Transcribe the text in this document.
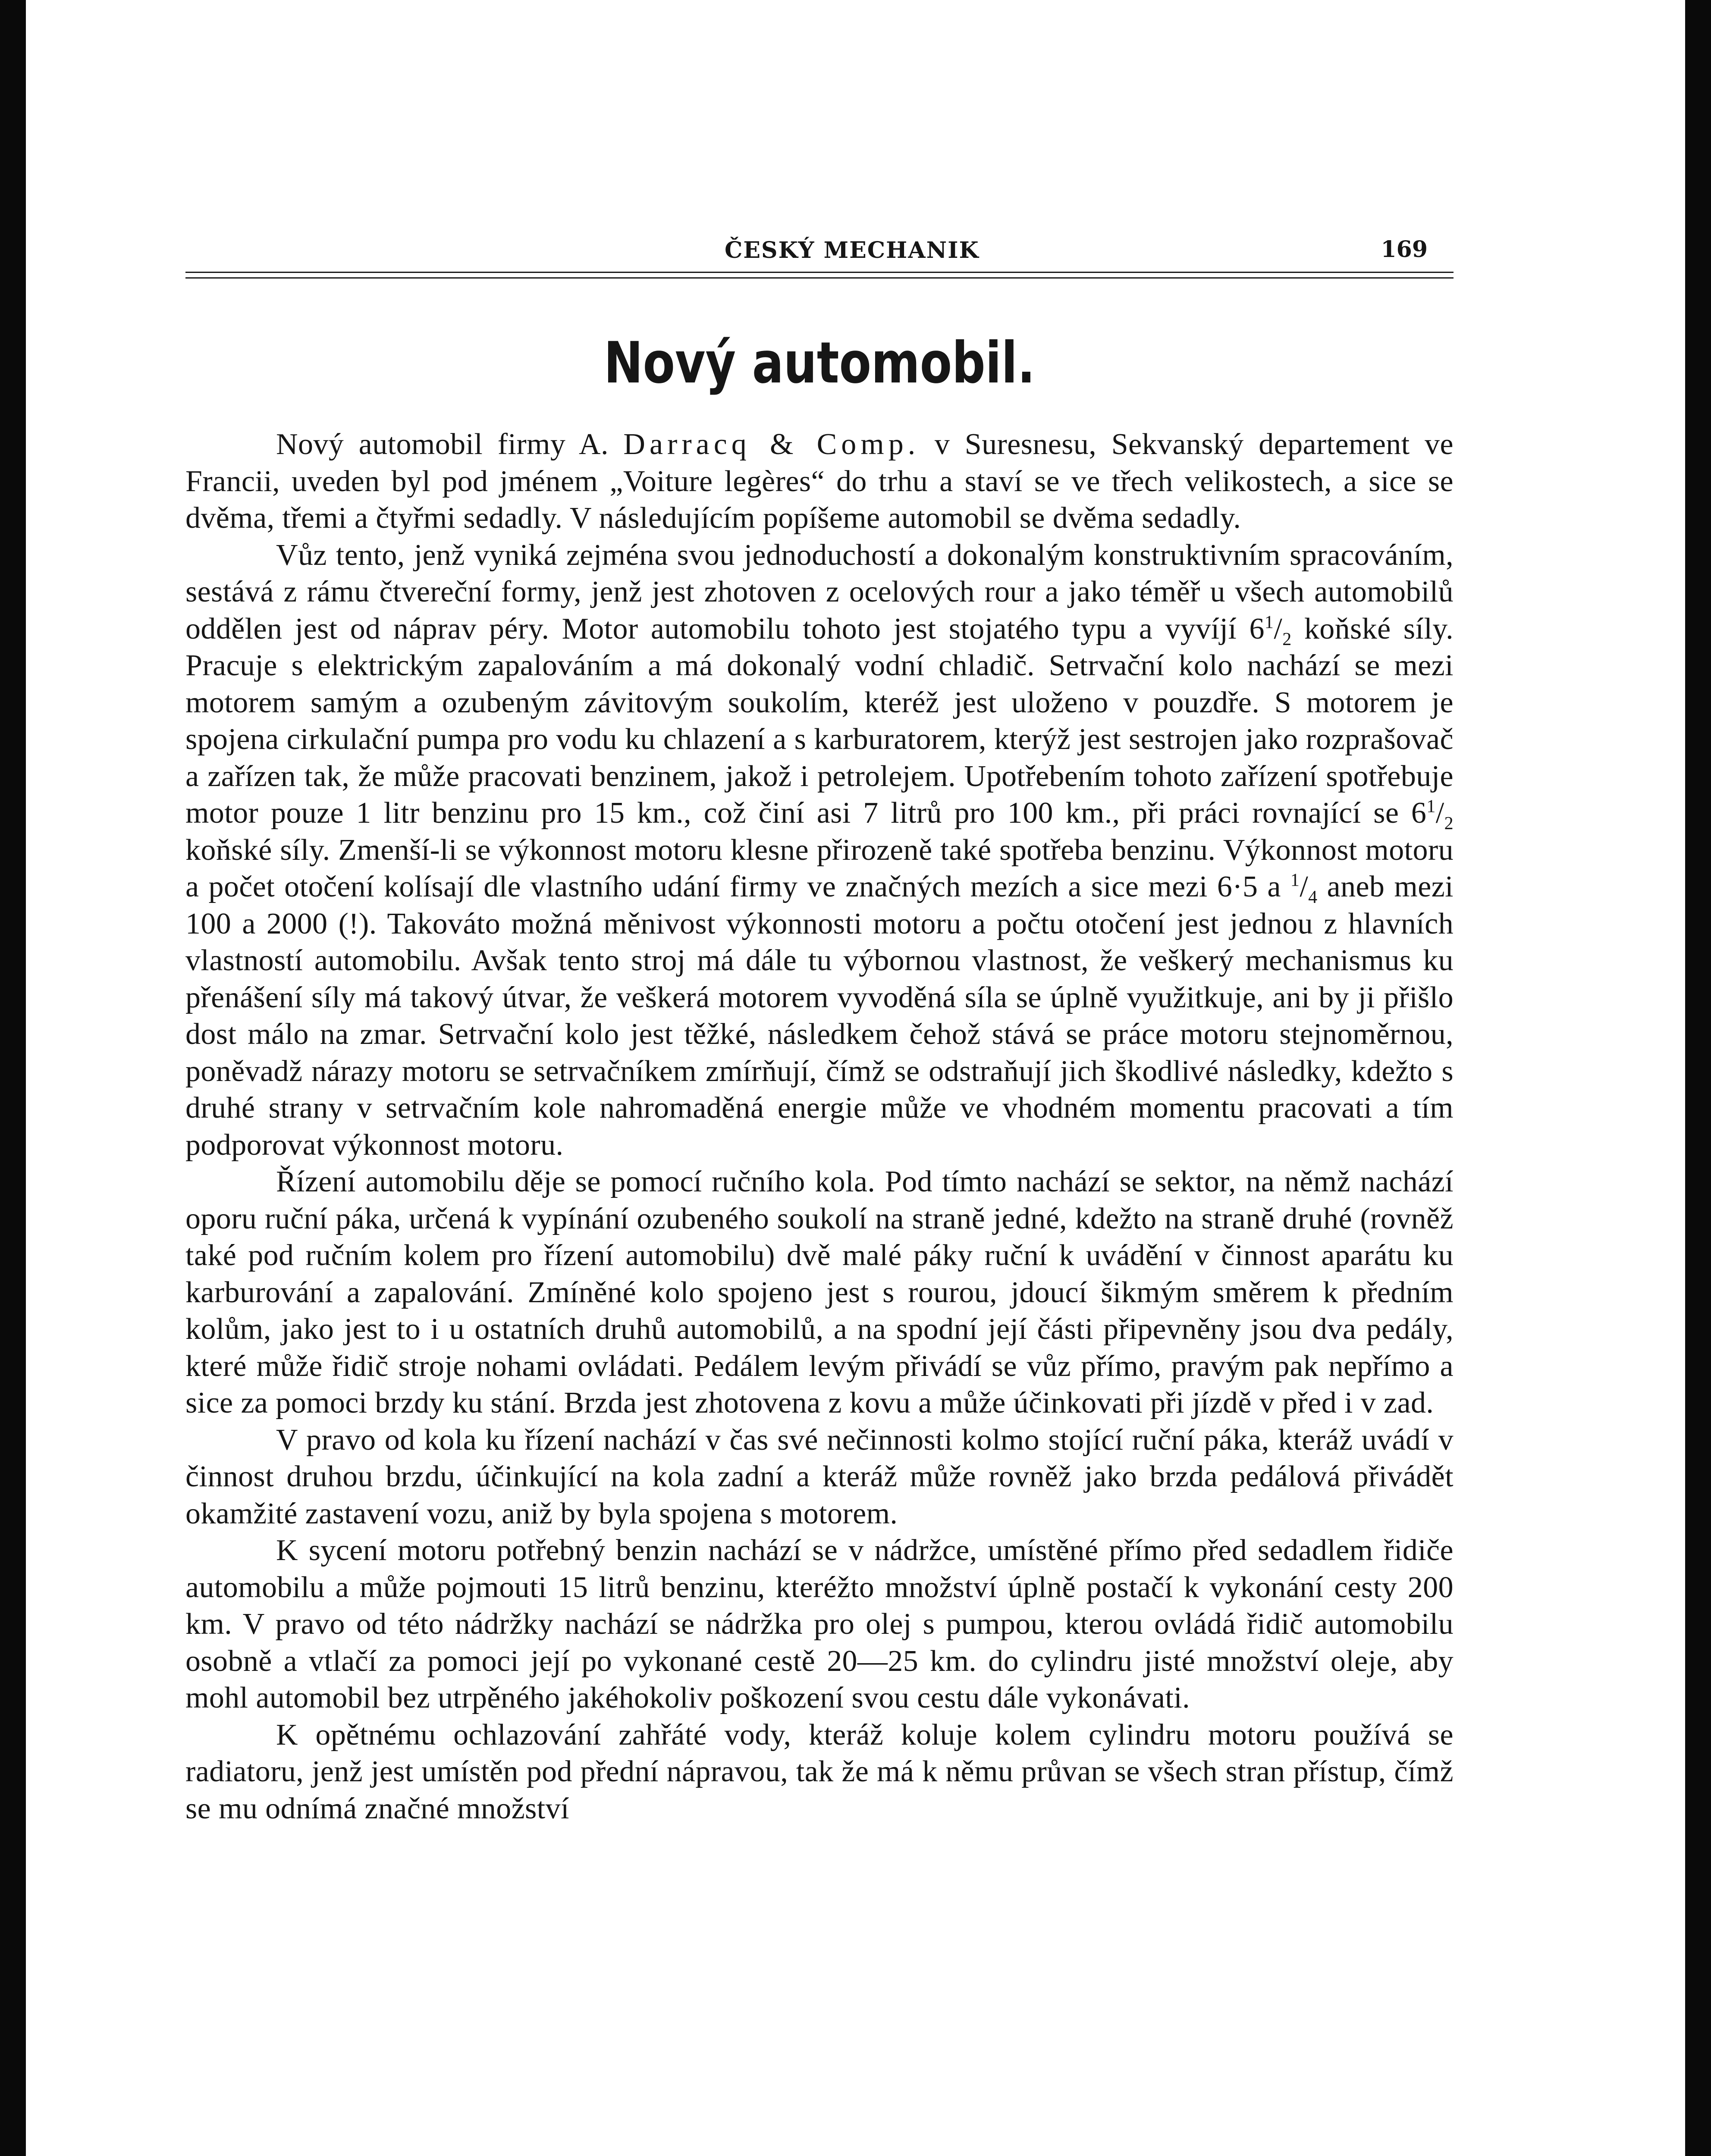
ČESKÝ MECHANIK	169
Nový automobil.

Nový automobil firmy A. Darracq & Comp. v Suresnesu, Sekvanský departement ve Francii, uveden byl pod jménem „Voiture legères“ do trhu a staví se ve třech velikostech, a sice se dvěma, třemi a čtyřmi sedadly. V následujícím popíšeme automobil se dvěma sedadly.

Vůz tento, jenž vyniká zejména svou jednoduchostí a dokonalým konstruktivním spracováním, sestává z rámu čtvereční formy, jenž jest zhotoven z ocelových rour a jako téměř u všech automobilů oddělen jest od náprav péry. Motor automobilu tohoto jest stojatého typu a vyvíjí $6^1/_2$ koňské síly. Pracuje s elektrickým zapalováním a má dokonalý vodní chladič. Setrvační kolo nachází se mezi motorem samým a ozubeným závitovým soukolím, kteréž jest uloženo v pouzdře. S motorem je spojena cirkulační pumpa pro vodu ku chlazení a s karburatorem, kterýž jest sestrojen jako rozprašovač a zařízen tak, že může pracovati benzinem, jakož i petrolejem. Upotřebením tohoto zařízení spotřebuje motor pouze 1 litr benzinu pro 15 km., což činí asi 7 litrů pro 100 km., při práci rovnající se $6^1/_2$ koňské síly. Zmenší-li se výkonnost motoru klesne přirozeně také spotřeba benzinu. Výkonnost motoru a počet otočení kolísají dle vlastního udání firmy ve značných mezích a sice mezi 6·5 a $^1/_4$ aneb mezi 100 a 2000 (!). Takováto možná měnivost výkonnosti motoru a počtu otočení jest jednou z hlavních vlastností automobilu. Avšak tento stroj má dále tu výbornou vlastnost, že veškerý mechanismus ku přenášení síly má takový útvar, že veškerá motorem vyvoděná síla se úplně využitkuje, ani by ji přišlo dost málo na zmar. Setrvační kolo jest těžké, následkem čehož stává se práce motoru stejnoměrnou, poněvadž nárazy motoru se setrvačníkem zmírňují, čímž se odstraňují jich škodlivé následky, kdežto s druhé strany v setrvačním kole nahromaděná energie může ve vhodném momentu pracovati a tím podporovat výkonnost motoru.

Řízení automobilu děje se pomocí ručního kola. Pod tímto nachází se sektor, na němž nachází oporu ruční páka, určená k vypínání ozubeného soukolí na straně jedné, kdežto na straně druhé (rovněž také pod ručním kolem pro řízení automobilu) dvě malé páky ruční k uvádění v činnost aparátu ku karburování a zapalování. Zmíněné kolo spojeno jest s rourou, jdoucí šikmým směrem k předním kolům, jako jest to i u ostatních druhů automobilů, a na spodní její části připevněny jsou dva pedály, které může řidič stroje nohami ovládati. Pedálem levým přivádí se vůz přímo, pravým pak nepřímo a sice za pomoci brzdy ku stání. Brzda jest zhotovena z kovu a může účinkovati při jízdě v před i v zad.

V pravo od kola ku řízení nachází v čas své nečinnosti kolmo stojící ruční páka, kteráž uvádí v činnost druhou brzdu, účinkující na kola zadní a kteráž může rovněž jako brzda pedálová přivádět okamžité zastavení vozu, aniž by byla spojena s motorem.

K sycení motoru potřebný benzin nachází se v nádržce, umístěné přímo před sedadlem řidiče automobilu a může pojmouti 15 litrů benzinu, kteréžto množství úplně postačí k vykonání cesty 200 km. V pravo od této nádržky nachází se nádržka pro olej s pumpou, kterou ovládá řidič automobilu osobně a vtlačí za pomoci její po vykonané cestě 20—25 km. do cylindru jisté množství oleje, aby mohl automobil bez utrpěného jakéhokoliv poškození svou cestu dále vykonávati.

K opětnému ochlazování zahřáté vody, kteráž koluje kolem cylindru motoru používá se radiatoru, jenž jest umístěn pod přední nápravou, tak že má k němu průvan se všech stran přístup, čímž se mu odnímá značné množství
